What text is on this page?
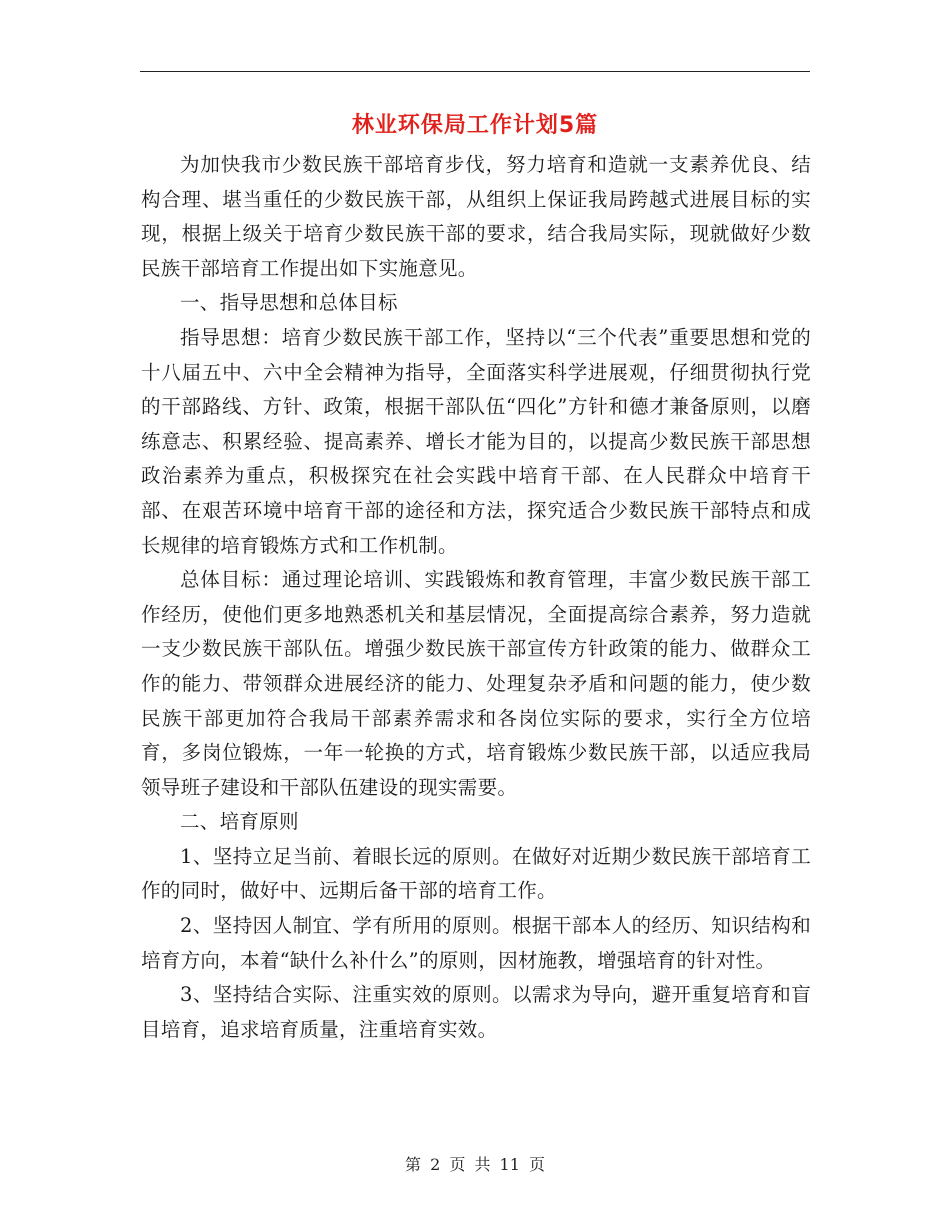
林业环保局工作计划5篇

为加快我市少数民族干部培育步伐，努力培育和造就一支素养优良、结构合理、堪当重任的少数民族干部，从组织上保证我局跨越式进展目标的实现，根据上级关于培育少数民族干部的要求，结合我局实际，现就做好少数民族干部培育工作提出如下实施意见。

一、指导思想和总体目标

指导思想：培育少数民族干部工作，坚持以“三个代表”重要思想和党的十八届五中、六中全会精神为指导，全面落实科学进展观，仔细贯彻执行党的干部路线、方针、政策，根据干部队伍“四化”方针和德才兼备原则，以磨练意志、积累经验、提高素养、增长才能为目的，以提高少数民族干部思想政治素养为重点，积极探究在社会实践中培育干部、在人民群众中培育干部、在艰苦环境中培育干部的途径和方法，探究适合少数民族干部特点和成长规律的培育锻炼方式和工作机制。

总体目标：通过理论培训、实践锻炼和教育管理，丰富少数民族干部工作经历，使他们更多地熟悉机关和基层情况，全面提高综合素养，努力造就一支少数民族干部队伍。增强少数民族干部宣传方针政策的能力、做群众工作的能力、带领群众进展经济的能力、处理复杂矛盾和问题的能力，使少数民族干部更加符合我局干部素养需求和各岗位实际的要求，实行全方位培育，多岗位锻炼，一年一轮换的方式，培育锻炼少数民族干部，以适应我局领导班子建设和干部队伍建设的现实需要。

二、培育原则

1、坚持立足当前、着眼长远的原则。在做好对近期少数民族干部培育工作的同时，做好中、远期后备干部的培育工作。

2、坚持因人制宜、学有所用的原则。根据干部本人的经历、知识结构和培育方向，本着“缺什么补什么”的原则，因材施教，增强培育的针对性。

3、坚持结合实际、注重实效的原则。以需求为导向，避开重复培育和盲目培育，追求培育质量，注重培育实效。

第 2 页 共 11 页
